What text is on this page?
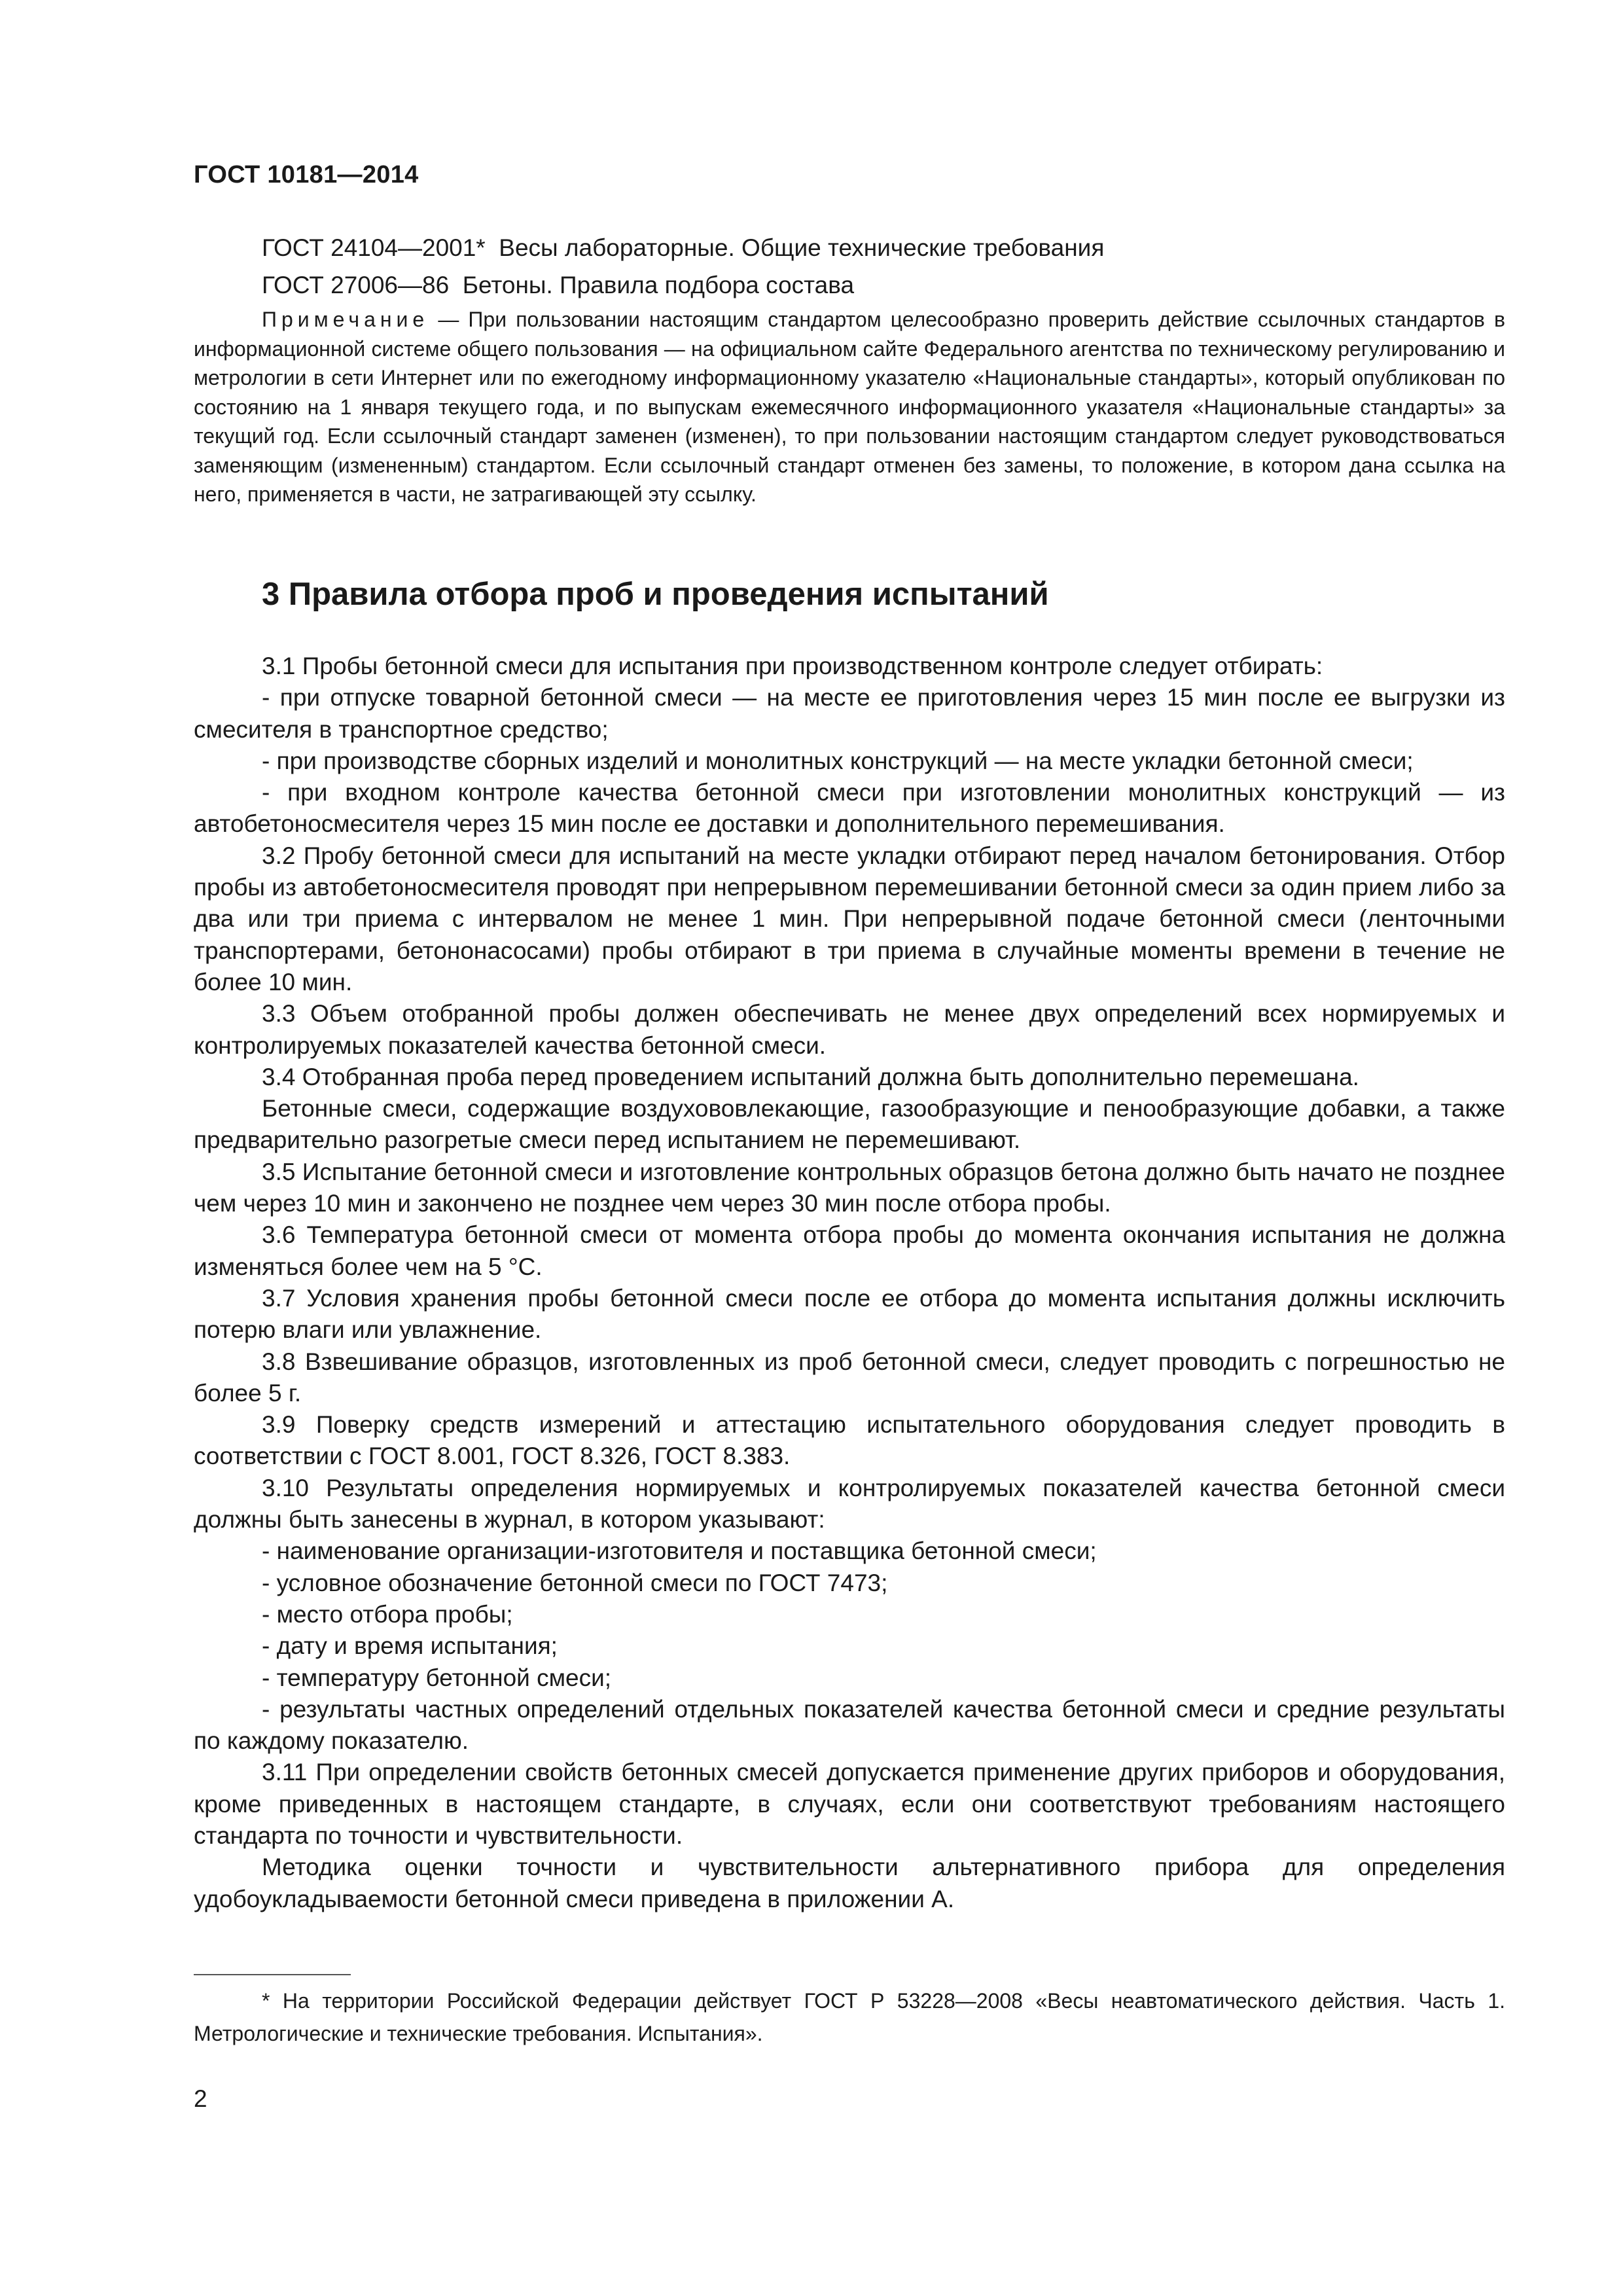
ГОСТ 10181—2014
ГОСТ 24104—2001* Весы лабораторные. Общие технические требования
ГОСТ 27006—86 Бетоны. Правила подбора состава
Примечание — При пользовании настоящим стандартом целесообразно проверить действие ссылочных стандартов в информационной системе общего пользования — на официальном сайте Федерального агентства по техническому регулированию и метрологии в сети Интернет или по ежегодному информационному указателю «Национальные стандарты», который опубликован по состоянию на 1 января текущего года, и по выпускам ежемесячного информационного указателя «Национальные стандарты» за текущий год. Если ссылочный стандарт заменен (изменен), то при пользовании настоящим стандартом следует руководствоваться заменяющим (измененным) стандартом. Если ссылочный стандарт отменен без замены, то положение, в котором дана ссылка на него, применяется в части, не затрагивающей эту ссылку.
3 Правила отбора проб и проведения испытаний

3.1 Пробы бетонной смеси для испытания при производственном контроле следует отбирать:

- при отпуске товарной бетонной смеси — на месте ее приготовления через 15 мин после ее выгрузки из смесителя в транспортное средство;

- при производстве сборных изделий и монолитных конструкций — на месте укладки бетонной смеси;

- при входном контроле качества бетонной смеси при изготовлении монолитных конструкций — из автобетоносмесителя через 15 мин после ее доставки и дополнительного перемешивания.

3.2 Пробу бетонной смеси для испытаний на месте укладки отбирают перед началом бетонирования. Отбор пробы из автобетоносмесителя проводят при непрерывном перемешивании бетонной смеси за один прием либо за два или три приема с интервалом не менее 1 мин. При непрерывной подаче бетонной смеси (ленточными транспортерами, бетононасосами) пробы отбирают в три приема в случайные моменты времени в течение не более 10 мин.

3.3 Объем отобранной пробы должен обеспечивать не менее двух определений всех нормируемых и контролируемых показателей качества бетонной смеси.

3.4 Отобранная проба перед проведением испытаний должна быть дополнительно перемешана.

Бетонные смеси, содержащие воздухововлекающие, газообразующие и пенообразующие добавки, а также предварительно разогретые смеси перед испытанием не перемешивают.

3.5 Испытание бетонной смеси и изготовление контрольных образцов бетона должно быть начато не позднее чем через 10 мин и закончено не позднее чем через 30 мин после отбора пробы.

3.6 Температура бетонной смеси от момента отбора пробы до момента окончания испытания не должна изменяться более чем на 5 °С.

3.7 Условия хранения пробы бетонной смеси после ее отбора до момента испытания должны исключить потерю влаги или увлажнение.

3.8 Взвешивание образцов, изготовленных из проб бетонной смеси, следует проводить с погрешностью не более 5 г.

3.9 Поверку средств измерений и аттестацию испытательного оборудования следует проводить в соответствии с ГОСТ 8.001, ГОСТ 8.326, ГОСТ 8.383.

3.10 Результаты определения нормируемых и контролируемых показателей качества бетонной смеси должны быть занесены в журнал, в котором указывают:

- наименование организации-изготовителя и поставщика бетонной смеси;

- условное обозначение бетонной смеси по ГОСТ 7473;

- место отбора пробы;

- дату и время испытания;

- температуру бетонной смеси;

- результаты частных определений отдельных показателей качества бетонной смеси и средние результаты по каждому показателю.

3.11 При определении свойств бетонных смесей допускается применение других приборов и оборудования, кроме приведенных в настоящем стандарте, в случаях, если они соответствуют требованиям настоящего стандарта по точности и чувствительности.

Методика оценки точности и чувствительности альтернативного прибора для определения удобоукладываемости бетонной смеси приведена в приложении А.

* На территории Российской Федерации действует ГОСТ Р 53228—2008 «Весы неавтоматического действия. Часть 1. Метрологические и технические требования. Испытания».
2
